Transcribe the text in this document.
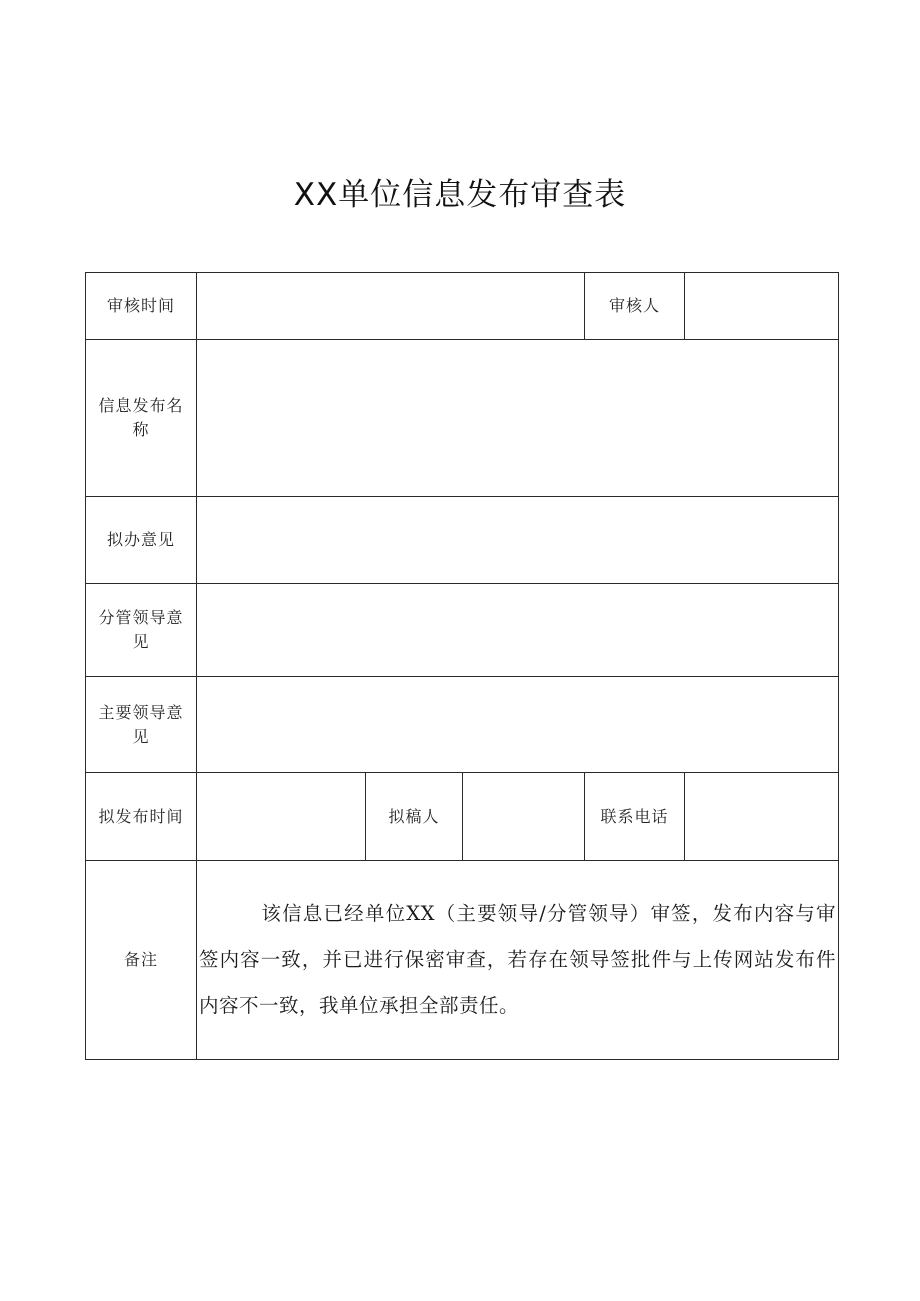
XX单位信息发布审查表
审核时间				审核人	
信息发布名称					
拟办意见					
分管领导意见					
主要领导意见					
拟发布时间		拟稿人		联系电话	
备注	该信息已经单位XX（主要领导/分管领导）审签，发布内容与审签内容一致，并已进行保密审查，若存在领导签批件与上传网站发布件内容不一致，我单位承担全部责任。				
